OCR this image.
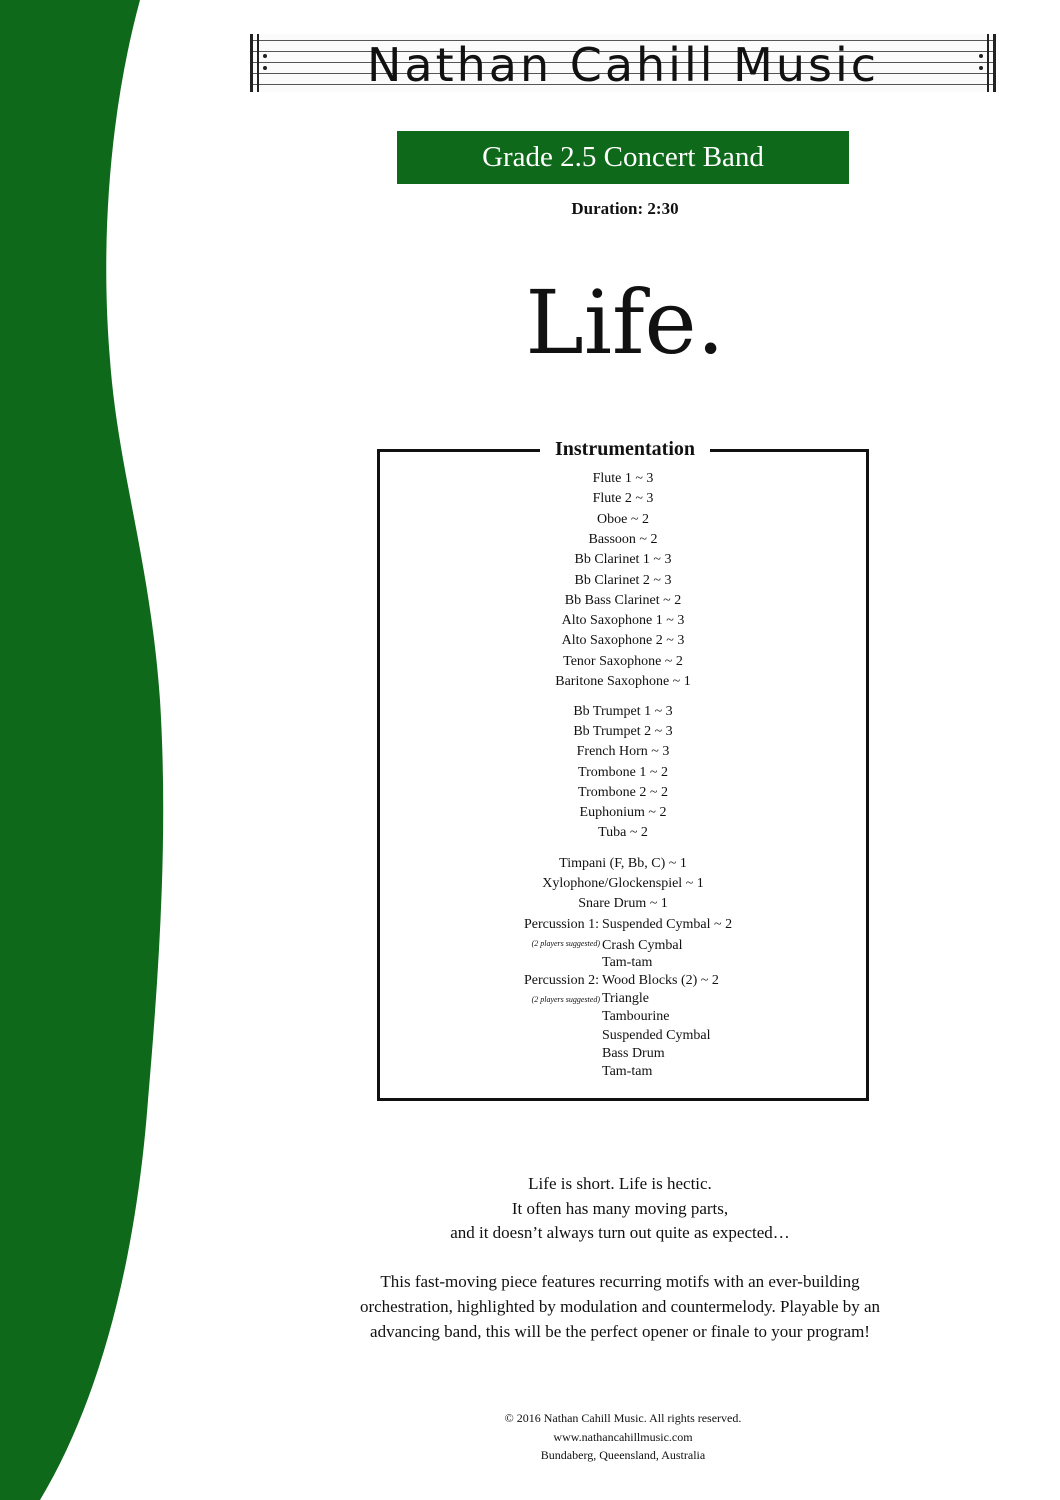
Nathan Cahill Music
Grade 2.5 Concert Band
Duration: 2:30
Life.
Instrumentation
Flute 1 ~ 3
Flute 2 ~ 3
Oboe ~ 2
Bassoon ~ 2
Bb Clarinet 1 ~ 3
Bb Clarinet 2 ~ 3
Bb Bass Clarinet ~ 2
Alto Saxophone 1 ~ 3
Alto Saxophone 2 ~ 3
Tenor Saxophone ~ 2
Baritone Saxophone ~ 1
Bb Trumpet 1 ~ 3
Bb Trumpet 2 ~ 3
French Horn ~ 3
Trombone 1 ~ 2
Trombone 2 ~ 2
Euphonium ~ 2
Tuba ~ 2
Timpani (F, Bb, C) ~ 1
Xylophone/Glockenspiel ~ 1
Snare Drum ~ 1
Percussion 1:
(2 players suggested)
Suspended Cymbal ~ 2
Crash Cymbal
Tam-tam
Percussion 2:
(2 players suggested)
Wood Blocks (2) ~ 2
Triangle
Tambourine
Suspended Cymbal
Bass Drum
Tam-tam
Life is short. Life is hectic.
It often has many moving parts,
and it doesn’t always turn out quite as expected…
This fast-moving piece features recurring motifs with an ever-building
orchestration, highlighted by modulation and countermelody. Playable by an
advancing band, this will be the perfect opener or finale to your program!
© 2016 Nathan Cahill Music. All rights reserved.
www.nathancahillmusic.com
Bundaberg, Queensland, Australia
